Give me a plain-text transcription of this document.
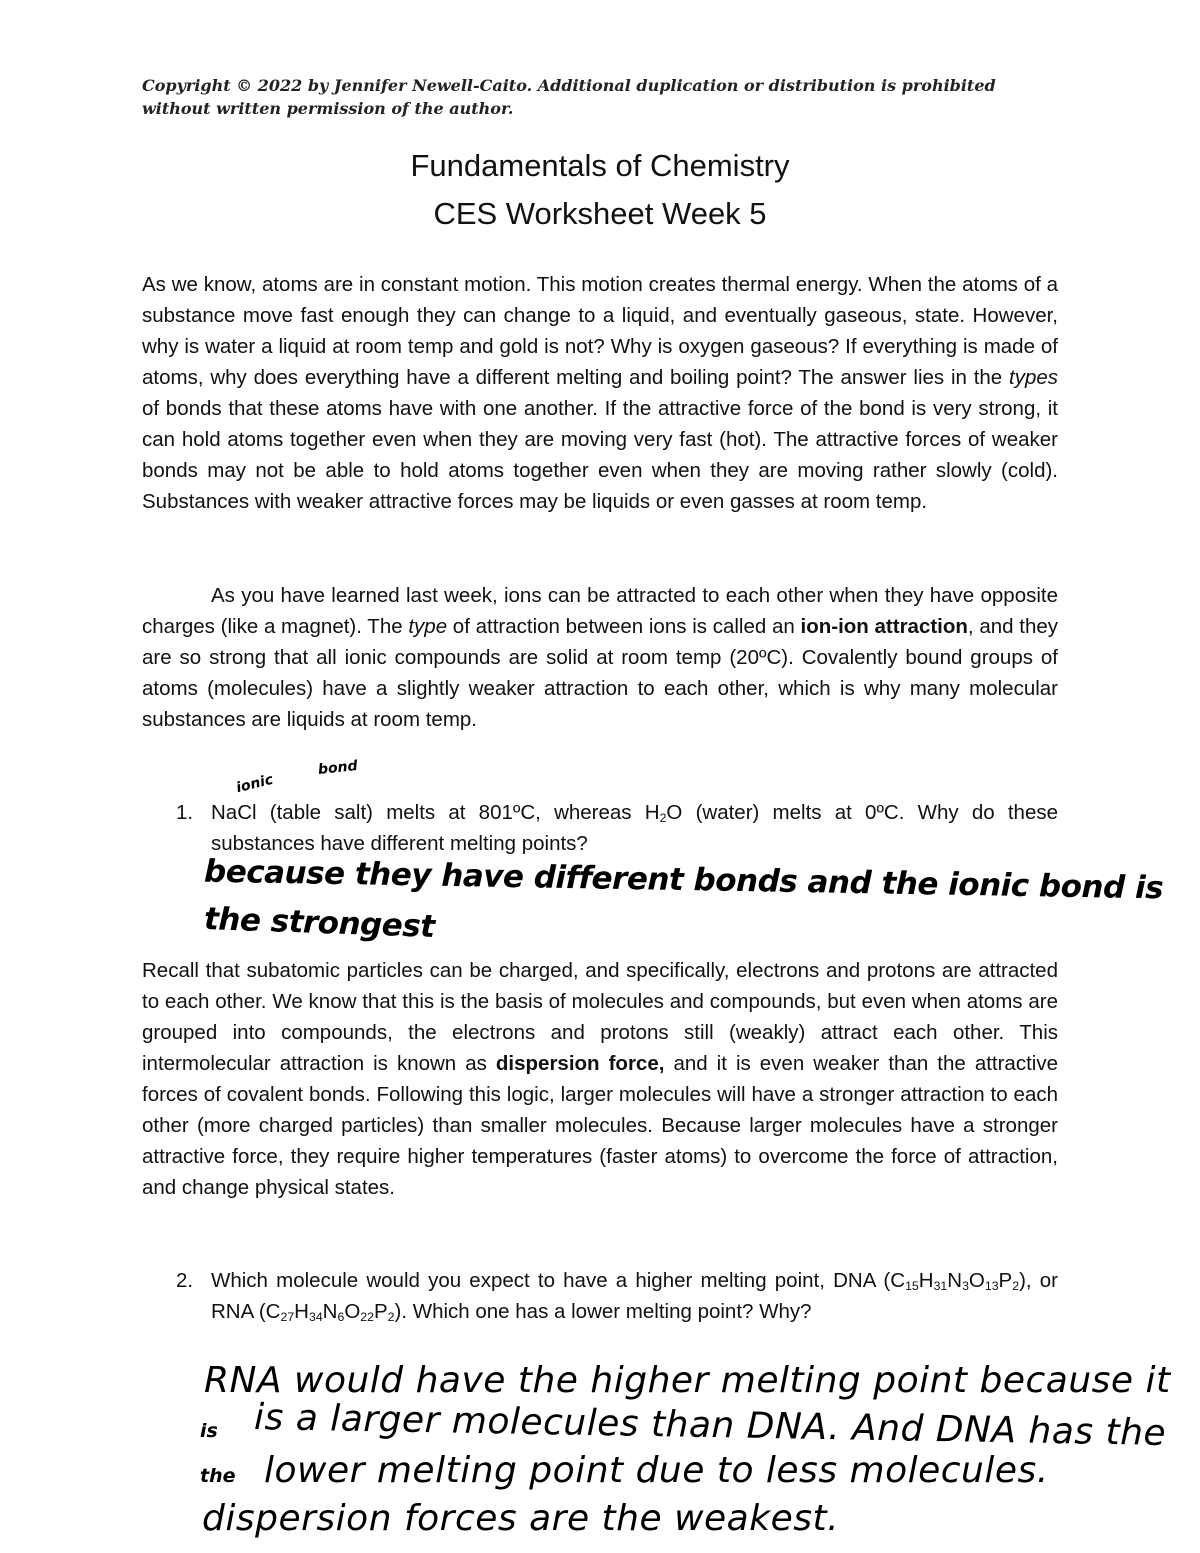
Copyright © 2022 by Jennifer Newell-Caito. Additional duplication or distribution is prohibited
without written permission of the author.
Fundamentals of Chemistry
CES Worksheet Week 5
As we know, atoms are in constant motion. This motion creates thermal energy. When the atoms of a substance move fast enough they can change to a liquid, and eventually gaseous, state. However, why is water a liquid at room temp and gold is not? Why is oxygen gaseous? If everything is made of atoms, why does everything have a different melting and boiling point? The answer lies in the types of bonds that these atoms have with one another. If the attractive force of the bond is very strong, it can hold atoms together even when they are moving very fast (hot). The attractive forces of weaker bonds may not be able to hold atoms together even when they are moving rather slowly (cold). Substances with weaker attractive forces may be liquids or even gasses at room temp.
As you have learned last week, ions can be attracted to each other when they have opposite charges (like a magnet). The type of attraction between ions is called an ion-ion attraction, and they are so strong that all ionic compounds are solid at room temp (20ºC). Covalently bound groups of atoms (molecules) have a slightly weaker attraction to each other, which is why many molecular substances are liquids at room temp.
ionic
bond
1. NaCl (table salt) melts at 801ºC, whereas $H_2O$ (water) melts at 0ºC. Why do these substances have different melting points?
because they have different bonds and the ionic bond is
the strongest
Recall that subatomic particles can be charged, and specifically, electrons and protons are attracted to each other. We know that this is the basis of molecules and compounds, but even when atoms are grouped into compounds, the electrons and protons still (weakly) attract each other. This intermolecular attraction is known as dispersion force, and it is even weaker than the attractive forces of covalent bonds. Following this logic, larger molecules will have a stronger attraction to each other (more charged particles) than smaller molecules. Because larger molecules have a stronger attractive force, they require higher temperatures (faster atoms) to overcome the force of attraction, and change physical states.
2. Which molecule would you expect to have a higher melting point, DNA $(C_{15}H_{31}N_3O_{13}P_2)$, or RNA $(C_{27}H_{34}N_6O_{22}P_2)$. Which one has a lower melting point? Why?
RNA would have the higher melting point because it
is a larger molecules than DNA. And DNA has the
lower melting point due to less molecules.
dispersion forces are the weakest.
is
the
